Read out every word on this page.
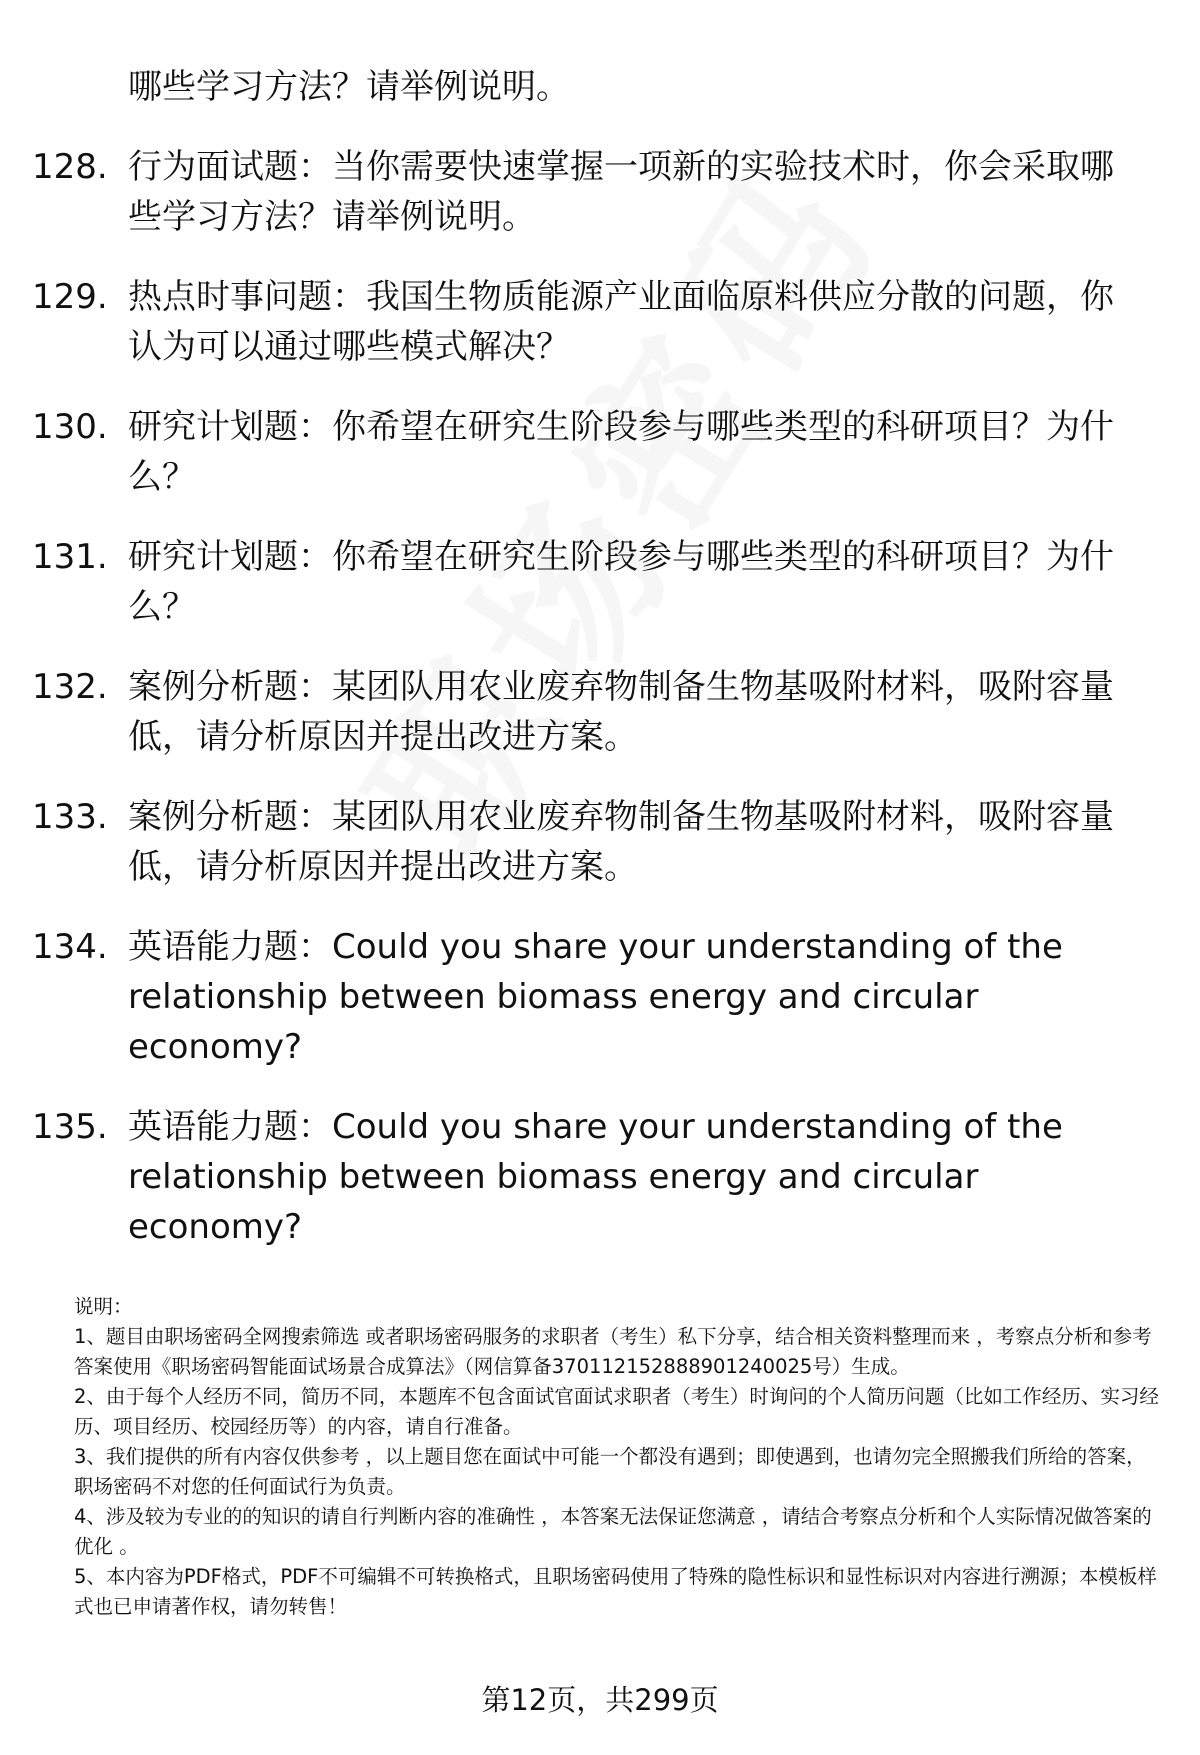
哪些学习方法？请举例说明。

128. 行为面试题：当你需要快速掌握一项新的实验技术时，你会采取哪些学习方法？请举例说明。
129. 热点时事问题：我国生物质能源产业面临原料供应分散的问题，你认为可以通过哪些模式解决？
130. 研究计划题：你希望在研究生阶段参与哪些类型的科研项目？为什么？
131. 研究计划题：你希望在研究生阶段参与哪些类型的科研项目？为什么？
132. 案例分析题：某团队用农业废弃物制备生物基吸附材料，吸附容量低，请分析原因并提出改进方案。
133. 案例分析题：某团队用农业废弃物制备生物基吸附材料，吸附容量低，请分析原因并提出改进方案。
134. 英语能力题：Could you share your understanding of the relationship between biomass energy and circular economy?
135. 英语能力题：Could you share your understanding of the relationship between biomass energy and circular economy?

说明：

1、题目由职场密码全网搜索筛选 或者职场密码服务的求职者（考生）私下分享，结合相关资料整理而来 ，考察点分析和参考答案使用《职场密码智能面试场景合成算法》（网信算备370112152888901240025号）生成。

2、由于每个人经历不同，简历不同，本题库不包含面试官面试求职者（考生）时询问的个人简历问题（比如工作经历、实习经历、项目经历、校园经历等）的内容，请自行准备。

3、我们提供的所有内容仅供参考 ，以上题目您在面试中可能一个都没有遇到；即使遇到，也请勿完全照搬我们所给的答案，职场密码不对您的任何面试行为负责。

4、涉及较为专业的的知识的请自行判断内容的准确性 ，本答案无法保证您满意 ，请结合考察点分析和个人实际情况做答案的优化 。

5、本内容为PDF格式，PDF不可编辑不可转换格式，且职场密码使用了特殊的隐性标识和显性标识对内容进行溯源；本模板样式也已申请著作权，请勿转售！

第12页，共299页
